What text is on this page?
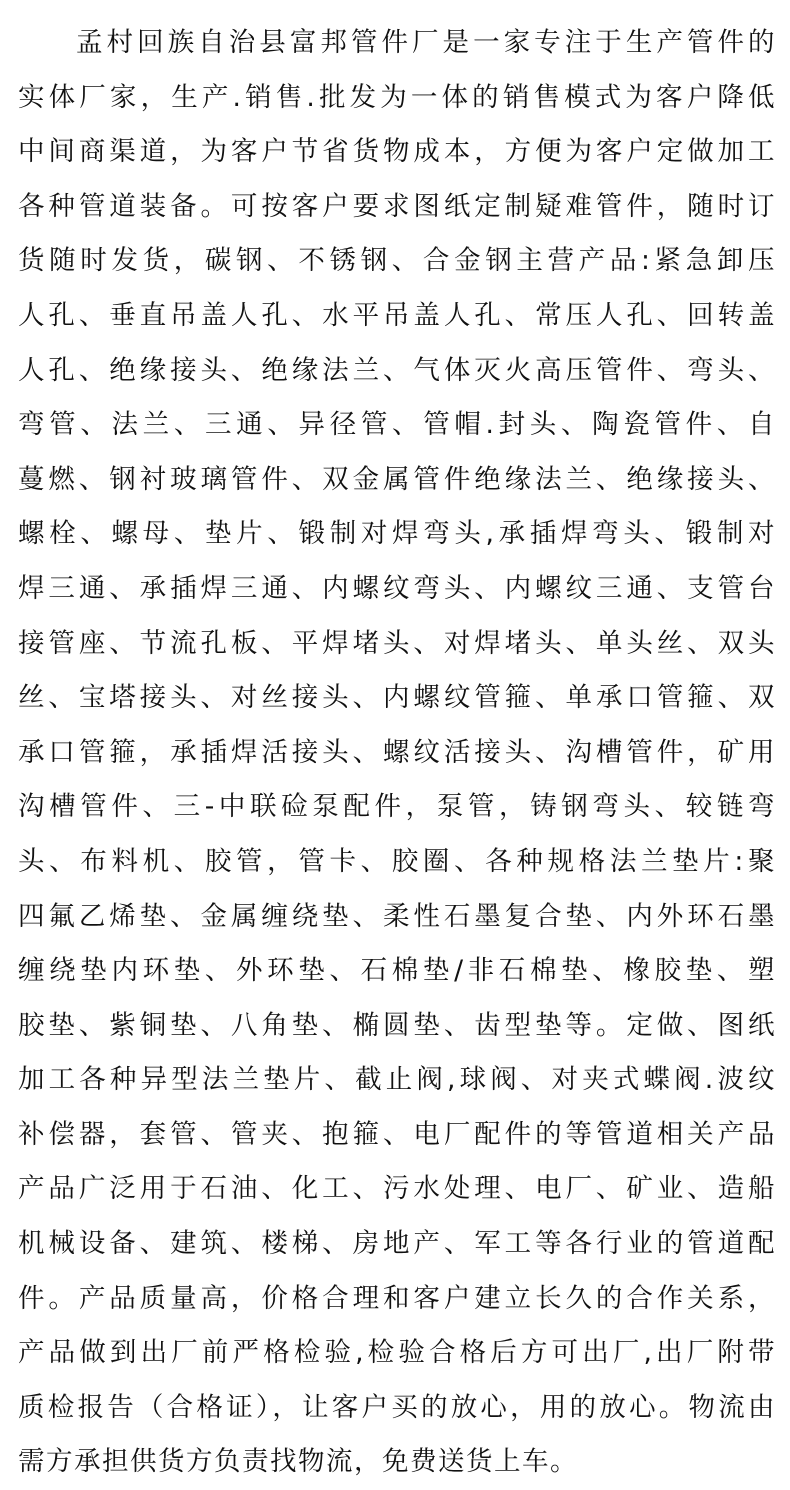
孟村回族自治县富邦管件厂是一家专注于生产管件的
实体厂家，生产.销售.批发为一体的销售模式为客户降低
中间商渠道，为客户节省货物成本，方便为客户定做加工
各种管道装备。可按客户要求图纸定制疑难管件，随时订
货随时发货，碳钢、不锈钢、合金钢主营产品:紧急卸压
人孔、垂直吊盖人孔、水平吊盖人孔、常压人孔、回转盖
人孔、绝缘接头、绝缘法兰、气体灭火高压管件、弯头、
弯管、法兰、三通、异径管、管帽.封头、陶瓷管件、自
蔓燃、钢衬玻璃管件、双金属管件绝缘法兰、绝缘接头、
螺栓、螺母、垫片、锻制对焊弯头,承插焊弯头、锻制对
焊三通、承插焊三通、内螺纹弯头、内螺纹三通、支管台
接管座、节流孔板、平焊堵头、对焊堵头、单头丝、双头
丝、宝塔接头、对丝接头、内螺纹管箍、单承口管箍、双
承口管箍，承插焊活接头、螺纹活接头、沟槽管件，矿用
沟槽管件、三-中联硷泵配件，泵管，铸钢弯头、较链弯
头、布料机、胶管，管卡、胶圈、各种规格法兰垫片:聚
四氟乙烯垫、金属缠绕垫、柔性石墨复合垫、内外环石墨
缠绕垫内环垫、外环垫、石棉垫/非石棉垫、橡胶垫、塑
胶垫、紫铜垫、八角垫、椭圆垫、齿型垫等。定做、图纸
加工各种异型法兰垫片、截止阀,球阀、对夹式蝶阀.波纹
补偿器，套管、管夹、抱箍、电厂配件的等管道相关产品
产品广泛用于石油、化工、污水处理、电厂、矿业、造船
机械设备、建筑、楼梯、房地产、军工等各行业的管道配
件。产品质量高，价格合理和客户建立长久的合作关系，
产品做到出厂前严格检验,检验合格后方可出厂,出厂附带
质检报告（合格证），让客户买的放心，用的放心。物流由
需方承担供货方负责找物流，免费送货上车。
